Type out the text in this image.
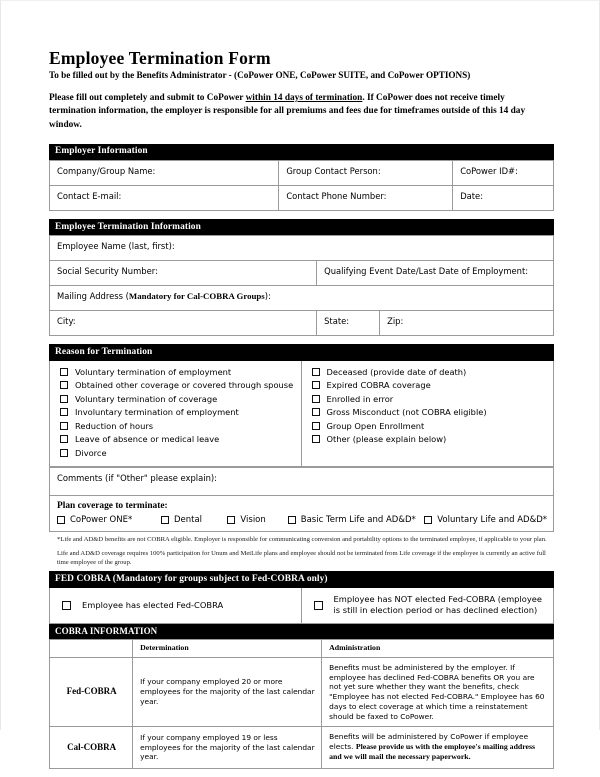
Employee Termination Form
To be filled out by the Benefits Administrator - (CoPower ONE, CoPower SUITE, and CoPower OPTIONS)

Please fill out completely and submit to CoPower within 14 days of termination. If CoPower does not receive timely termination information, the employer is responsible for all premiums and fees due for timeframes outside of this 14 day window.

Employer Information
Company/Group Name:	Group Contact Person:	CoPower ID#:
Contact E-mail:	Contact Phone Number:	Date:
Employee Termination Information
Employee Name (last, first):		
Social Security Number:	Qualifying Event Date/Last Date of Employment:	
Mailing Address (Mandatory for Cal-COBRA Groups):		
City:	State:	Zip:
Reason for Termination
Voluntary termination of employment
Obtained other coverage or covered through spouse
Voluntary termination of coverage
Involuntary termination of employment
Reduction of hours
Leave of absence or medical leave
Divorce
Deceased (provide date of death)
Expired COBRA coverage
Enrolled in error
Gross Misconduct (not COBRA eligible)
Group Open Enrollment
Other (please explain below)
Comments (if "Other" please explain):
Plan coverage to terminate:
CoPower ONE*	Dental	Vision	Basic Term Life and AD&D*	Voluntary Life and AD&D*

*Life and AD&D benefits are not COBRA eligible. Employer is responsible for communicating conversion and portability options to the terminated employee, if applicable to your plan.

Life and AD&D coverage requires 100% participation for Unum and MetLife plans and employee should not be terminated from Life coverage if the employee is currently an active full time employee of the group.

FED COBRA (Mandatory for groups subject to Fed-COBRA only)
Employee has elected Fed-COBRA
Employee has NOT elected Fed-COBRA (employee is still in election period or has declined election)
COBRA INFORMATION
	Determination	Administration
Fed-COBRA	If your company employed 20 or more employees for the majority of the last calendar year.	Benefits must be administered by the employer. If employee has declined Fed-COBRA benefits OR you are not yet sure whether they want the benefits, check "Employee has not elected Fed-COBRA." Employee has 60 days to elect coverage at which time a reinstatement should be faxed to CoPower.
Cal-COBRA	If your company employed 19 or less employees for the majority of the last calendar year.	Benefits will be administered by CoPower if employee elects. Please provide us with the employee's mailing address and we will mail the necessary paperwork.
